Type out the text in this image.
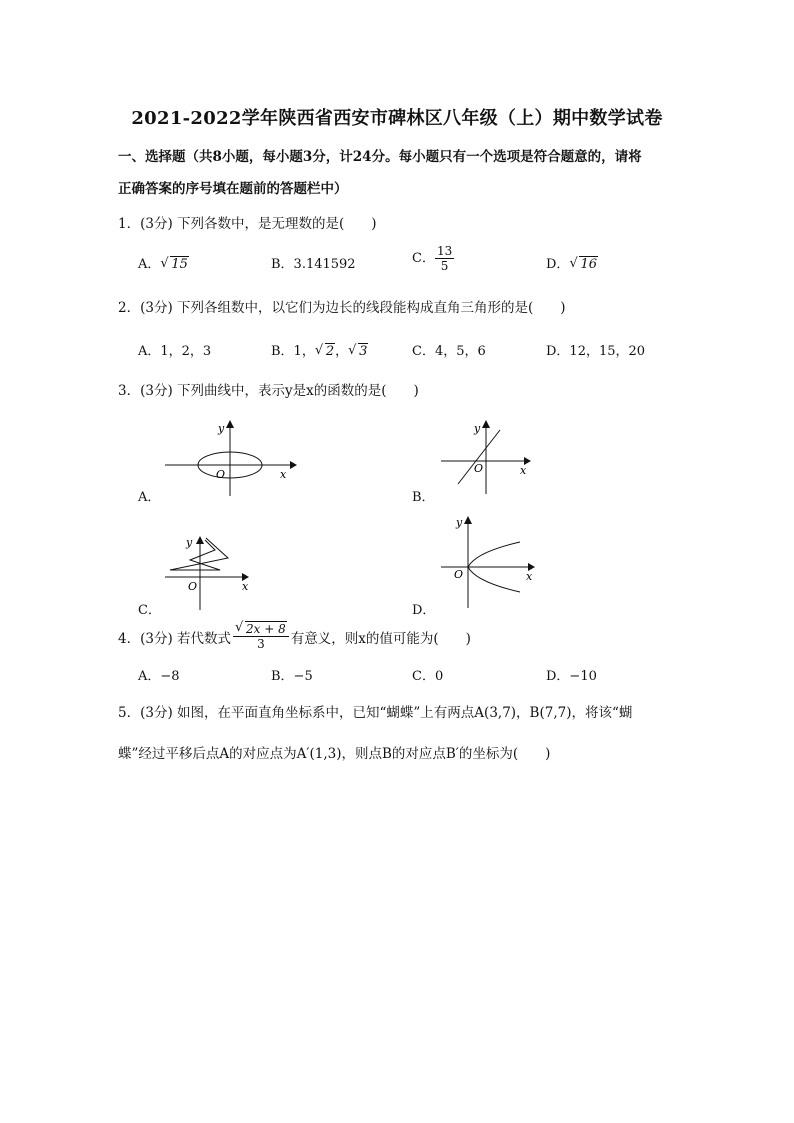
2021-2022学年陕西省西安市碑林区八年级（上）期中数学试卷
一、选择题（共8小题，每小题3分，计24分。每小题只有一个选项是符合题意的，请将
正确答案的序号填在题前的答题栏中）
1．(3分) 下列各数中，是无理数的是(　　)
A． √ 15	B．3.141592	C． $\frac{13}{5}$	D． √ 16
2．(3分) 下列各组数中，以它们为边长的线段能构成直角三角形的是(　　)
A．1，2，3	B．1， √ 2， √ 3	C．4，5，6	D．12，15，20
3．(3分) 下列曲线中，表示y是x的函数的是(　　)
A．
y
x
O
B．
y
x
O
C．
y
x
O
D．
y
x
O
4．(3分) 若代数式 $\frac{√ 2x + 8}{3}$ 有意义，则x的值可能为(　　)
A．−8	B．−5	C．0	D．−10
5．(3分) 如图，在平面直角坐标系中，已知“蝴蝶”上有两点A(3,7)，B(7,7)，将该“蝴
蝶”经过平移后点A的对应点为A′(1,3)，则点B的对应点B′的坐标为(　　)
